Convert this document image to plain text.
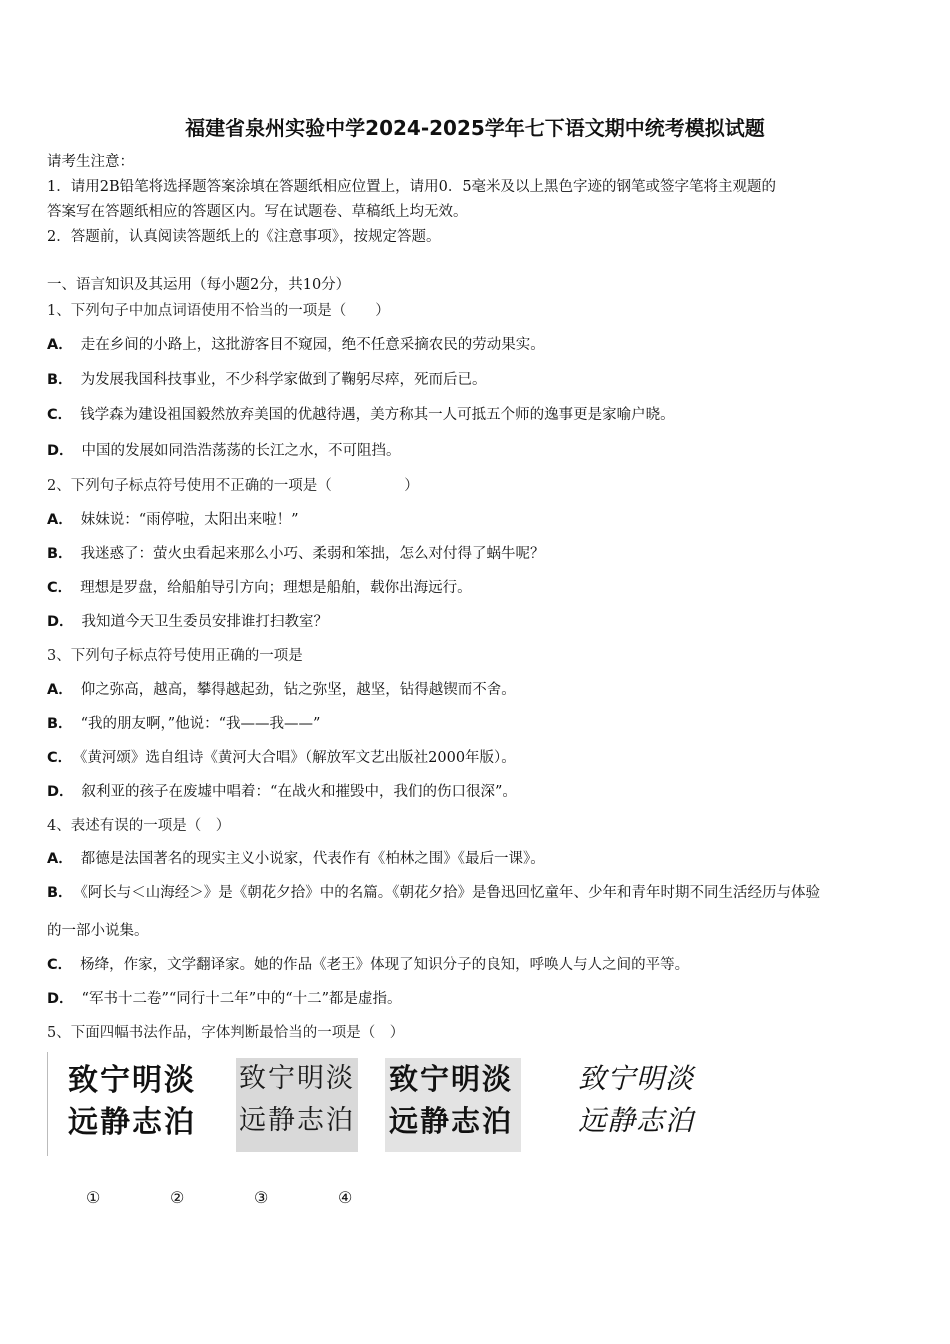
福建省泉州实验中学2024-2025学年七下语文期中统考模拟试题
请考生注意：
1．请用2B铅笔将选择题答案涂填在答题纸相应位置上，请用0．5毫米及以上黑色字迹的钢笔或签字笔将主观题的
答案写在答题纸相应的答题区内。写在试题卷、草稿纸上均无效。
2．答题前，认真阅读答题纸上的《注意事项》，按规定答题。
一、语言知识及其运用（每小题2分，共10分）
1、下列句子中加点词语使用不恰当的一项是（　　）
A． 走在乡间的小路上，这批游客目不窥园，绝不任意采摘农民的劳动果实。
B． 为发展我国科技事业，不少科学家做到了鞠躬尽瘁，死而后已。
C． 钱学森为建设祖国毅然放弃美国的优越待遇，美方称其一人可抵五个师的逸事更是家喻户晓。
D． 中国的发展如同浩浩荡荡的长江之水，不可阻挡。
2、下列句子标点符号使用不正确的一项是（　　　　　）
A． 妹妹说：“雨停啦，太阳出来啦！”
B． 我迷惑了：萤火虫看起来那么小巧、柔弱和笨拙，怎么对付得了蜗牛呢？
C． 理想是罗盘，给船舶导引方向；理想是船舶，载你出海远行。
D． 我知道今天卫生委员安排谁打扫教室？
3、下列句子标点符号使用正确的一项是
A． 仰之弥高，越高，攀得越起劲，钻之弥坚，越坚，钻得越锲而不舍。
B． “我的朋友啊，”他说：“我——我——”
C． 《黄河颂》选自组诗《黄河大合唱》（解放军文艺出版社2000年版）。
D． 叙利亚的孩子在废墟中唱着：“在战火和摧毁中，我们的伤口很深”。
4、表述有误的一项是（　）
A． 都德是法国著名的现实主义小说家，代表作有《柏林之围》《最后一课》。
B． 《阿长与＜山海经＞》是《朝花夕拾》中的名篇。《朝花夕拾》是鲁迅回忆童年、少年和青年时期不同生活经历与体验
的一部小说集。
C． 杨绛，作家，文学翻译家。她的作品《老王》体现了知识分子的良知，呼唤人与人之间的平等。
D． “军书十二卷”“同行十二年”中的“十二”都是虚指。
5、下面四幅书法作品，字体判断最恰当的一项是（　）
致宁明淡
远静志泊
致宁明淡
远静志泊
致宁明淡
远静志泊
致宁明淡
远静志泊
①	②	③	④
